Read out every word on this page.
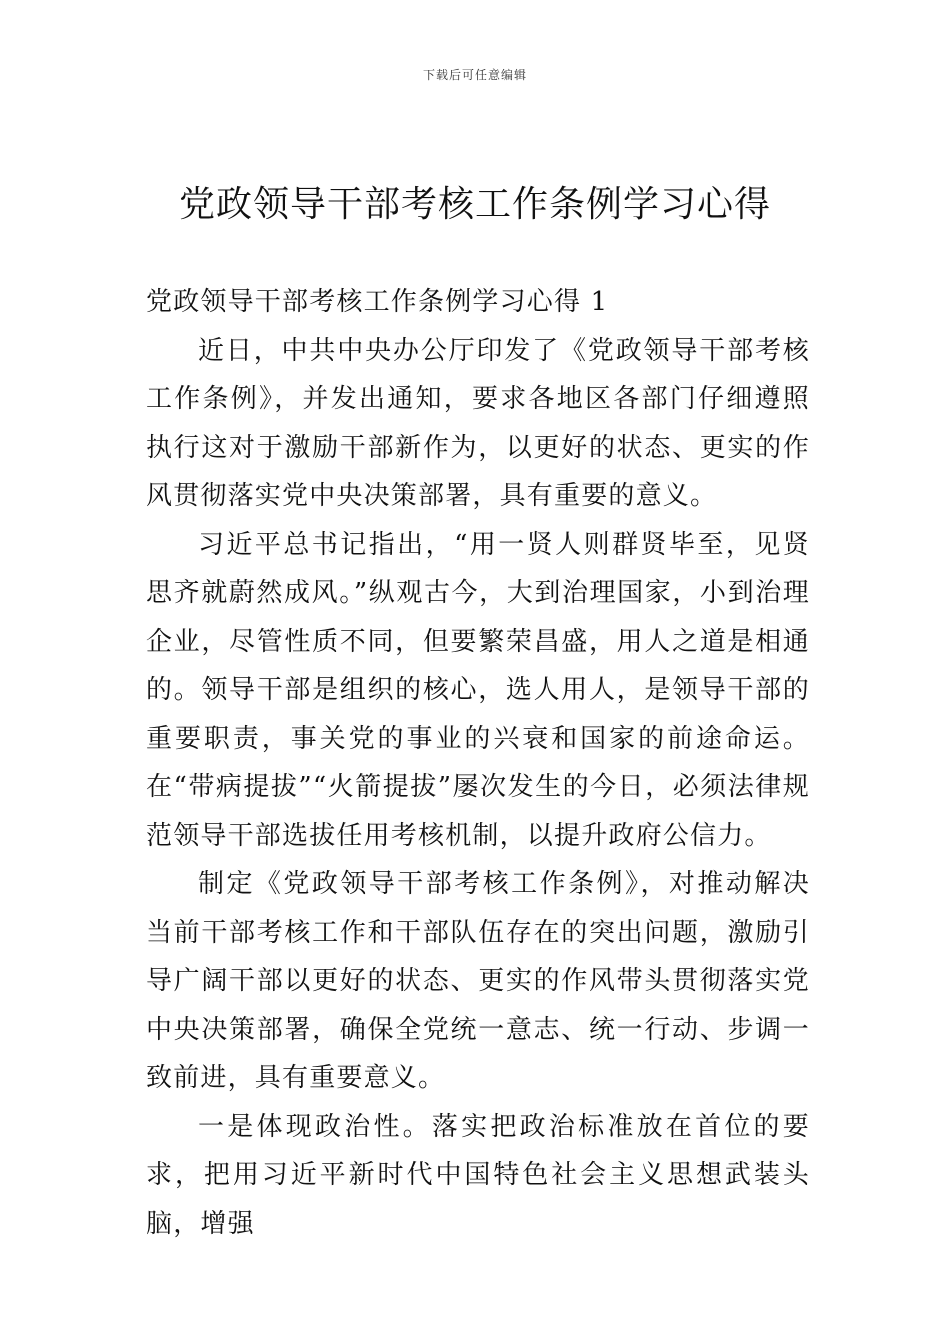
下载后可任意编辑
党政领导干部考核工作条例学习心得

党政领导干部考核工作条例学习心得 1

近日，中共中央办公厅印发了《党政领导干部考核工作条例》，并发出通知，要求各地区各部门仔细遵照执行这对于激励干部新作为，以更好的状态、更实的作风贯彻落实党中央决策部署，具有重要的意义。

习近平总书记指出，“用一贤人则群贤毕至，见贤思齐就蔚然成风。”纵观古今，大到治理国家，小到治理企业，尽管性质不同，但要繁荣昌盛，用人之道是相通的。领导干部是组织的核心，选人用人，是领导干部的重要职责，事关党的事业的兴衰和国家的前途命运。在“带病提拔”“火箭提拔”屡次发生的今日，必须法律规范领导干部选拔任用考核机制，以提升政府公信力。

制定《党政领导干部考核工作条例》，对推动解决当前干部考核工作和干部队伍存在的突出问题，激励引导广阔干部以更好的状态、更实的作风带头贯彻落实党中央决策部署，确保全党统一意志、统一行动、步调一致前进，具有重要意义。

一是体现政治性。落实把政治标准放在首位的要求，把用习近平新时代中国特色社会主义思想武装头脑，增强
